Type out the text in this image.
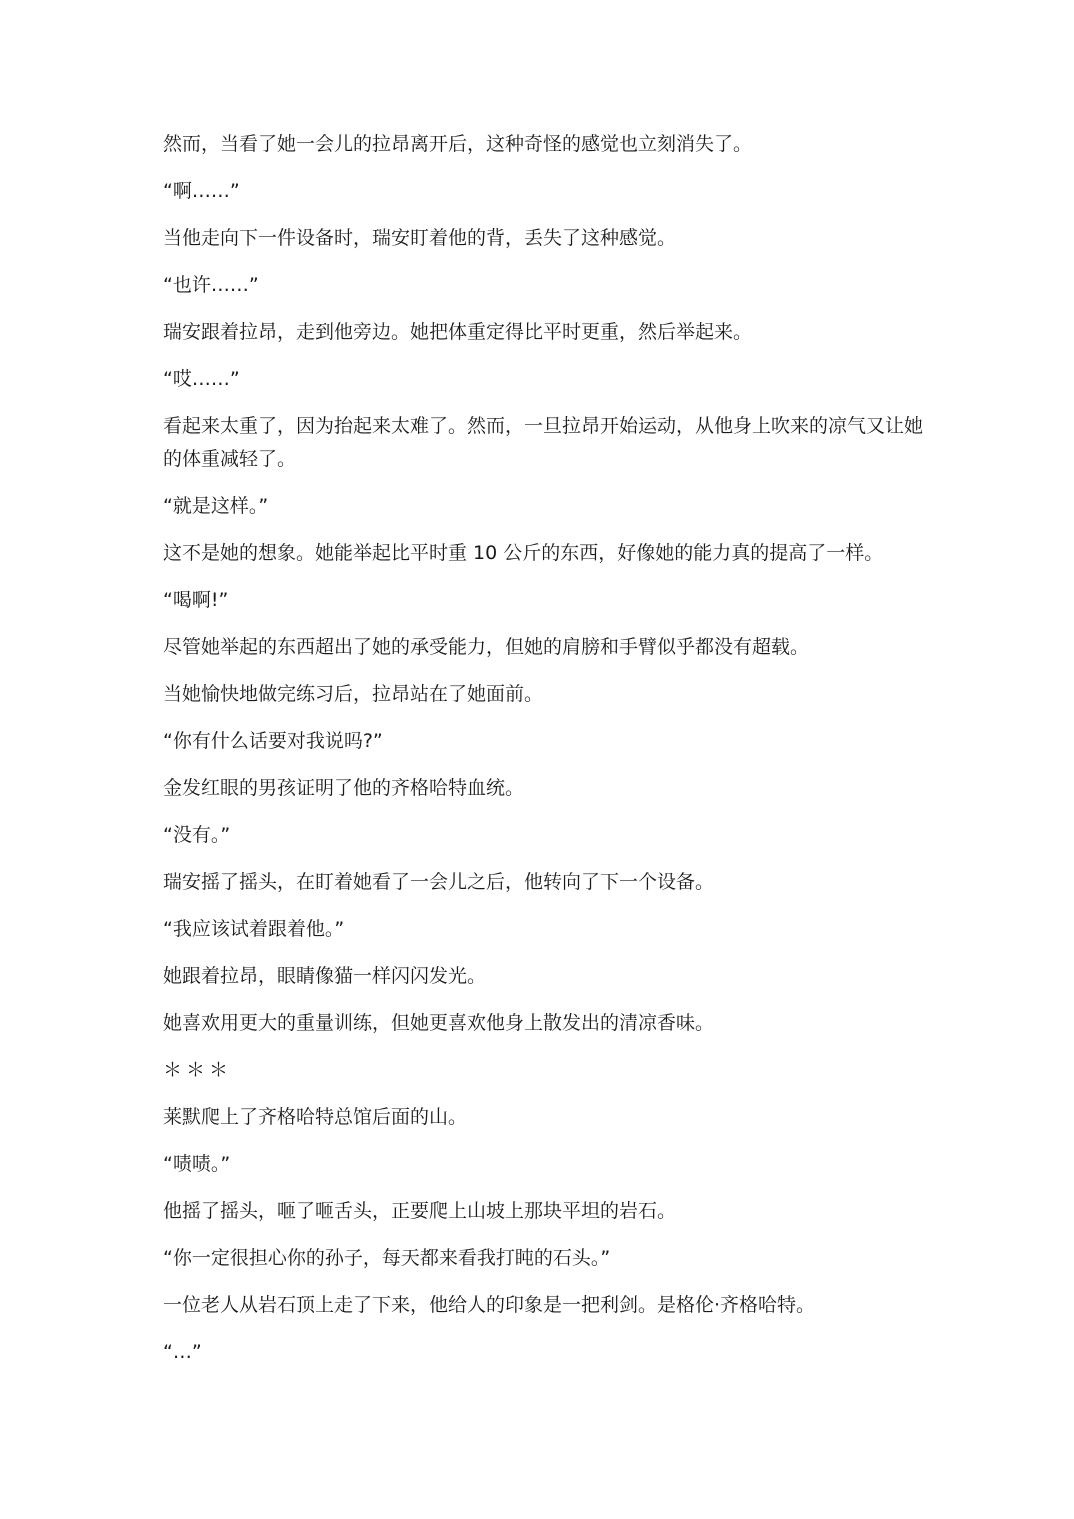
然而，当看了她一会儿的拉昂离开后，这种奇怪的感觉也立刻消失了。

“啊……”

当他走向下一件设备时，瑞安盯着他的背，丢失了这种感觉。

“也许……”

瑞安跟着拉昂，走到他旁边。她把体重定得比平时更重，然后举起来。

“哎……”

看起来太重了，因为抬起来太难了。然而，一旦拉昂开始运动，从他身上吹来的凉气又让她的体重减轻了。

“就是这样。”

这不是她的想象。她能举起比平时重 10 公斤的东西，好像她的能力真的提高了一样。

“喝啊!”

尽管她举起的东西超出了她的承受能力，但她的肩膀和手臂似乎都没有超载。

当她愉快地做完练习后，拉昂站在了她面前。

“你有什么话要对我说吗?”

金发红眼的男孩证明了他的齐格哈特血统。

“没有。”

瑞安摇了摇头，在盯着她看了一会儿之后，他转向了下一个设备。

“我应该试着跟着他。”

她跟着拉昂，眼睛像猫一样闪闪发光。

她喜欢用更大的重量训练，但她更喜欢他身上散发出的清凉香味。

＊＊＊

莱默爬上了齐格哈特总馆后面的山。

“啧啧。”

他摇了摇头，咂了咂舌头，正要爬上山坡上那块平坦的岩石。

“你一定很担心你的孙子，每天都来看我打盹的石头。”

一位老人从岩石顶上走了下来，他给人的印象是一把利剑。是格伦·齐格哈特。

“…”
